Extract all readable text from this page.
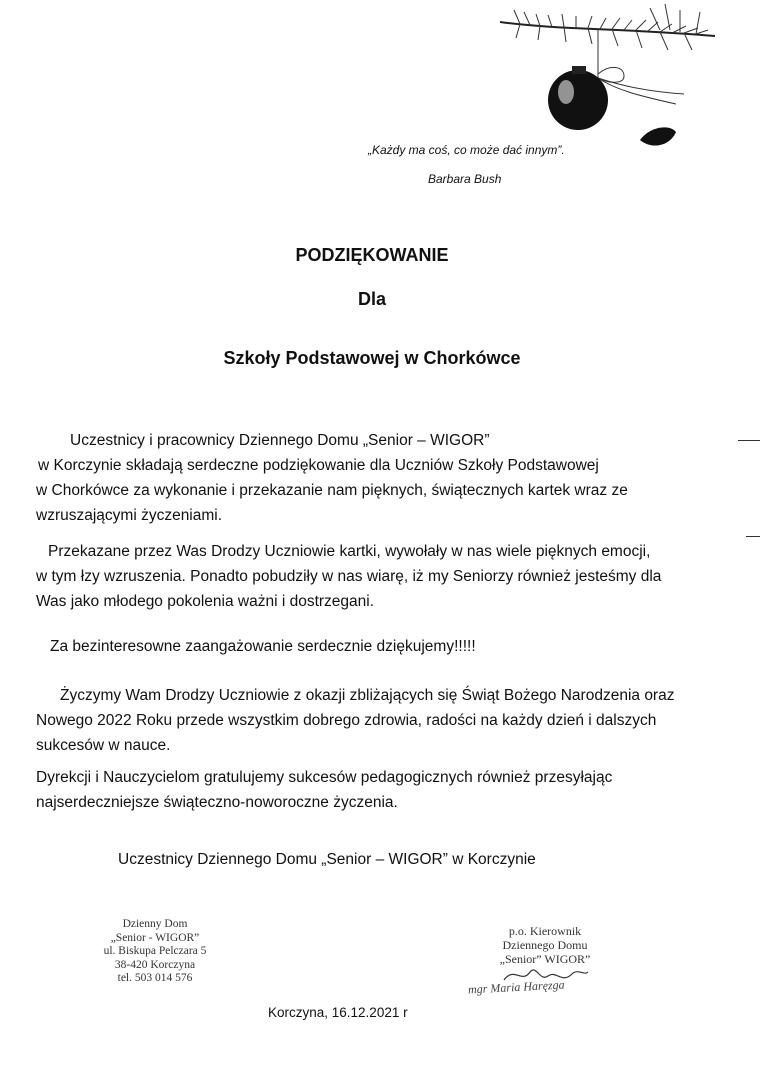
„Każdy ma coś, co może dać innym”.
Barbara Bush
PODZIĘKOWANIE
Dla
Szkoły Podstawowej w Chorkówce
Uczestnicy i pracownicy Dziennego Domu „Senior – WIGOR”
w Korczynie składają serdeczne podziękowanie dla Uczniów Szkoły Podstawowej
w Chorkówce za wykonanie i przekazanie nam pięknych, świątecznych kartek wraz ze
wzruszającymi życzeniami.
Przekazane przez Was Drodzy Uczniowie kartki, wywołały w nas wiele pięknych emocji,
w tym łzy wzruszenia. Ponadto pobudziły w nas wiarę, iż my Seniorzy również jesteśmy dla
Was jako młodego pokolenia ważni i dostrzegani.
Za bezinteresowne zaangażowanie serdecznie dziękujemy!!!!!
Życzymy Wam Drodzy Uczniowie z okazji zbliżających się Świąt Bożego Narodzenia oraz
Nowego 2022 Roku przede wszystkim dobrego zdrowia, radości na każdy dzień i dalszych
sukcesów w nauce.
Dyrekcji i Nauczycielom gratulujemy sukcesów pedagogicznych również przesyłając
najserdeczniejsze świąteczno-noworoczne życzenia.
Uczestnicy Dziennego Domu „Senior – WIGOR” w Korczynie
Dzienny Dom
„Senior - WIGOR”
ul. Biskupa Pelczara 5
38-420 Korczyna
tel. 503 014 576
p.o. Kierownik
Dziennego Domu
„Senior” WIGOR”
mgr Maria Haręzga
Korczyna, 16.12.2021 r
